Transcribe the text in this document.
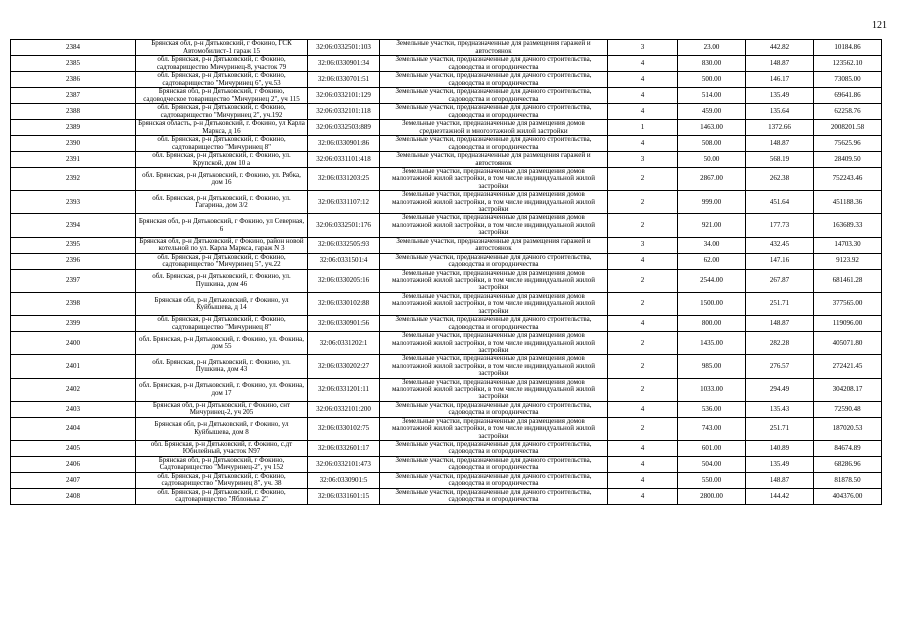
121
2384	Брянская обл, р-н Дятьковский, г Фокино, ГСК Автомобилист-1 гараж 15	32:06:0332501:103	Земельные участки, предназначенные для размещения гаражей и автостоянок	3	23.00	442.82	10184.86
2385	обл. Брянская, р-н Дятьковский, г. Фокино, садтоварищество Мичуринец-8, участок 79	32:06:0330901:34	Земельные участки, предназначенные для дачного строительства, садоводства и огородничества	4	830.00	148.87	123562.10
2386	обл. Брянская, р-н Дятьковский, г. Фокино, садтоварищество "Мичуринец 6", уч.53	32:06:0330701:51	Земельные участки, предназначенные для дачного строительства, садоводства и огородничества	4	500.00	146.17	73085.00
2387	Брянская обл, р-н Дятьковский, г Фокино, садоводческое товарищество "Мичуринец 2", уч 115	32:06:0332101:129	Земельные участки, предназначенные для дачного строительства, садоводства и огородничества	4	514.00	135.49	69641.86
2388	обл. Брянская, р-н Дятьковский, г. Фокино, садтоварищество "Мичуринец 2", уч.192	32:06:0332101:118	Земельные участки, предназначенные для дачного строительства, садоводства и огородничества	4	459.00	135.64	62258.76
2389	Брянская область, р-н Дятьковский, г. Фокино, ул Карла Маркса, д 16	32:06:0332503:889	Земельные участки, предназначенные для размещения домов среднеэтажной и многоэтажной жилой застройки	1	1463.00	1372.66	2008201.58
2390	обл. Брянская, р-н Дятьковский, г. Фокино, садтоварищество "Мичуринец 8"	32:06:0330901:86	Земельные участки, предназначенные для дачного строительства, садоводства и огородничества	4	508.00	148.87	75625.96
2391	обл. Брянская, р-н Дятьковский, г. Фокино, ул. Крупской, дом 10 а	32:06:0331101:418	Земельные участки, предназначенные для размещения гаражей и автостоянок	3	50.00	568.19	28409.50
2392	обл. Брянская, р-н Дятьковский, г. Фокино, ул. Рябка, дом 16	32:06:0331203:25	Земельные участки, предназначенные для размещения домов малоэтажной жилой застройки, в том числе индивидуальной жилой застройки	2	2867.00	262.38	752243.46
2393	обл. Брянская, р-н Дятьковский, г. Фокино, ул. Гагарина, дом 3/2	32:06:0331107:12	Земельные участки, предназначенные для размещения домов малоэтажной жилой застройки, в том числе индивидуальной жилой застройки	2	999.00	451.64	451188.36
2394	Брянская обл, р-н Дятьковский, г Фокино, ул Северная, 6	32:06:0332501:176	Земельные участки, предназначенные для размещения домов малоэтажной жилой застройки, в том числе индивидуальной жилой застройки	2	921.00	177.73	163689.33
2395	Брянская обл, р-н Дятьковский, г Фокино, район новой котельной по ул. Карла Маркса, гараж N 3	32:06:0332505:93	Земельные участки, предназначенные для размещения гаражей и автостоянок	3	34.00	432.45	14703.30
2396	обл. Брянская, р-н Дятьковский, г. Фокино, садтоварищество "Мичуринец 5", уч.22	32:06:0331501:4	Земельные участки, предназначенные для дачного строительства, садоводства и огородничества	4	62.00	147.16	9123.92
2397	обл. Брянская, р-н Дятьковский, г. Фокино, ул. Пушкина, дом 46	32:06:0330205:16	Земельные участки, предназначенные для размещения домов малоэтажной жилой застройки, в том числе индивидуальной жилой застройки	2	2544.00	267.87	681461.28
2398	Брянская обл, р-н Дятьковский, г Фокино, ул Куйбышева, д 14	32:06:0330102:88	Земельные участки, предназначенные для размещения домов малоэтажной жилой застройки, в том числе индивидуальной жилой застройки	2	1500.00	251.71	377565.00
2399	обл. Брянская, р-н Дятьковский, г. Фокино, садтоварищество "Мичуринец 8"	32:06:0330901:56	Земельные участки, предназначенные для дачного строительства, садоводства и огородничества	4	800.00	148.87	119096.00
2400	обл. Брянская, р-н Дятьковский, г. Фокино, ул. Фокина, дом 55	32:06:0331202:1	Земельные участки, предназначенные для размещения домов малоэтажной жилой застройки, в том числе индивидуальной жилой застройки	2	1435.00	282.28	405071.80
2401	обл. Брянская, р-н Дятьковский, г. Фокино, ул. Пушкина, дом 43	32:06:0330202:27	Земельные участки, предназначенные для размещения домов малоэтажной жилой застройки, в том числе индивидуальной жилой застройки	2	985.00	276.57	272421.45
2402	обл. Брянская, р-н Дятьковский, г. Фокино, ул. Фокина, дом 17	32:06:0331201:11	Земельные участки, предназначенные для размещения домов малоэтажной жилой застройки, в том числе индивидуальной жилой застройки	2	1033.00	294.49	304208.17
2403	Брянская обл, р-н Дятьковский, г Фокино, снт Мичуринец-2, уч 205	32:06:0332101:200	Земельные участки, предназначенные для дачного строительства, садоводства и огородничества	4	536.00	135.43	72590.48
2404	Брянская обл, р-н Дятьковский, г Фокино, ул Куйбышева, дом 8	32:06:0330102:75	Земельные участки, предназначенные для размещения домов малоэтажной жилой застройки, в том числе индивидуальной жилой застройки	2	743.00	251.71	187020.53
2405	обл. Брянская, р-н Дятьковский, г. Фокино, с.дт Юбилейный, участок N97	32:06:0332601:17	Земельные участки, предназначенные для дачного строительства, садоводства и огородничества	4	601.00	140.89	84674.89
2406	Брянская обл, р-н Дятьковский, г Фокино, Садтоварищество "Мичуринец-2", уч 152	32:06:0332101:473	Земельные участки, предназначенные для дачного строительства, садоводства и огородничества	4	504.00	135.49	68286.96
2407	обл. Брянская, р-н Дятьковский, г. Фокино, садтоварищество "Мичуринец 8", уч. 38	32:06:0330901:5	Земельные участки, предназначенные для дачного строительства, садоводства и огородничества	4	550.00	148.87	81878.50
2408	обл. Брянская, р-н Дятьковский, г. Фокино, садтоварищество "Яблонька 2"	32:06:0331601:15	Земельные участки, предназначенные для дачного строительства, садоводства и огородничества	4	2800.00	144.42	404376.00
